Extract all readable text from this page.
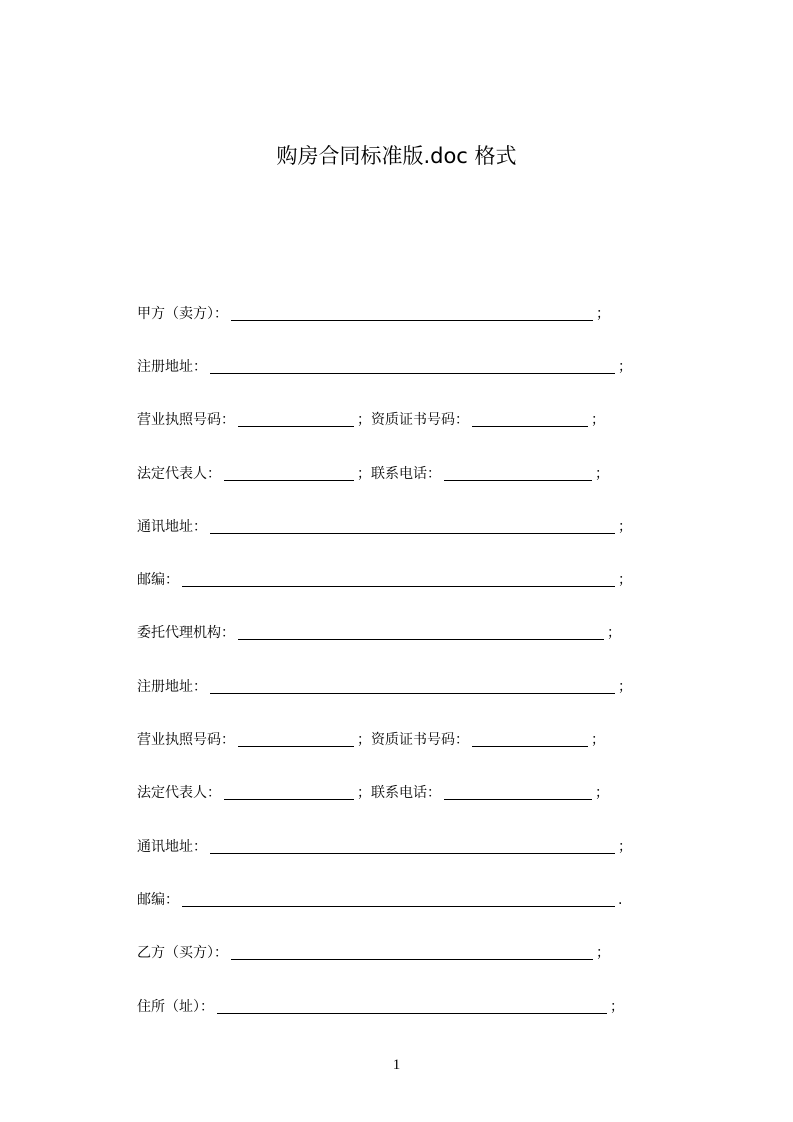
购房合同标准版.doc 格式
甲方（卖方）：	；
注册地址：	；
营业执照号码：	；资质证书号码：	；
法定代表人：	；联系电话：	；
通讯地址：	；
邮编：	；
委托代理机构：	；
注册地址：	；
营业执照号码：	；资质证书号码：	；
法定代表人：	；联系电话：	；
通讯地址：	；
邮编：	.
乙方（买方）：	；
住所（址）：	；
1
